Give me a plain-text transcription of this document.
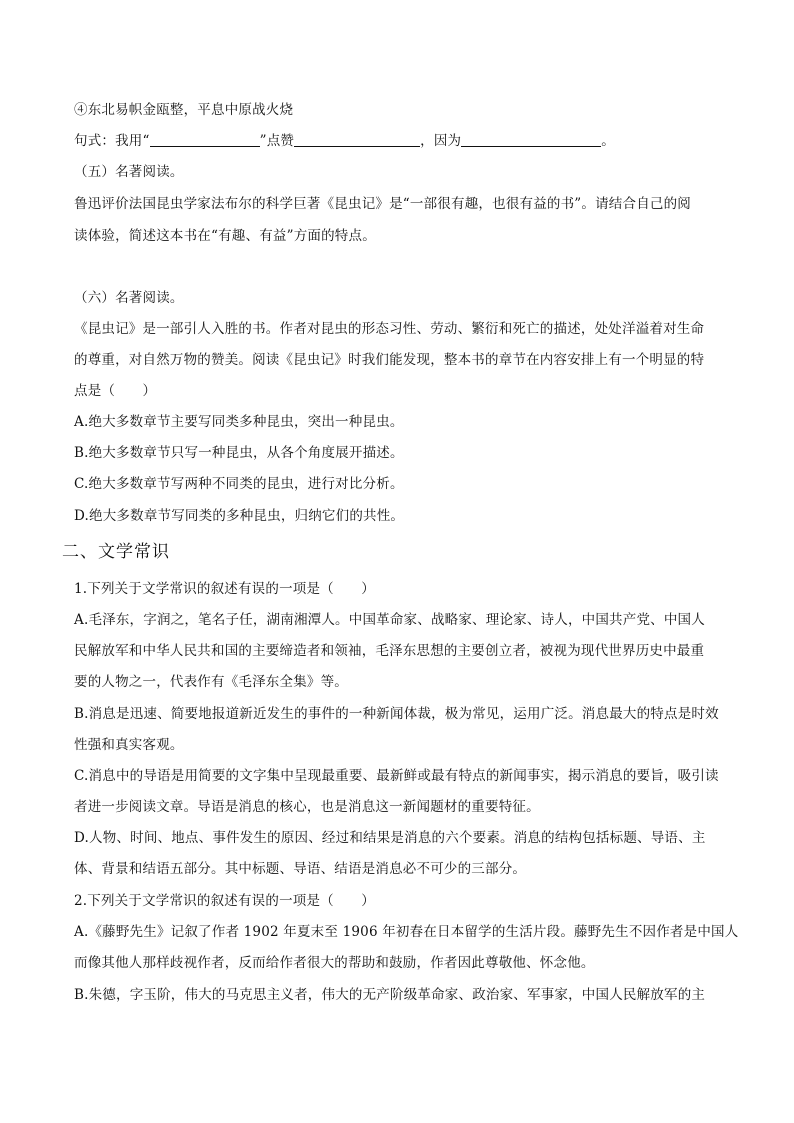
④东北易帜金瓯整，平息中原战火烧
句式：我用“	”点赞	，因为	。
（五）名著阅读。
鲁迅评价法国昆虫学家法布尔的科学巨著《昆虫记》是“一部很有趣，也很有益的书”。请结合自己的阅
读体验，简述这本书在“有趣、有益”方面的特点。
（六）名著阅读。
《昆虫记》是一部引人入胜的书。作者对昆虫的形态习性、劳动、繁衍和死亡的描述，处处洋溢着对生命
的尊重，对自然万物的赞美。阅读《昆虫记》时我们能发现，整本书的章节在内容安排上有一个明显的特
点是（　　）
A.绝大多数章节主要写同类多种昆虫，突出一种昆虫。
B.绝大多数章节只写一种昆虫，从各个角度展开描述。
C.绝大多数章节写两种不同类的昆虫，进行对比分析。
D.绝大多数章节写同类的多种昆虫，归纳它们的共性。
二、文学常识
1.下列关于文学常识的叙述有误的一项是（　　）
A.毛泽东，字润之，笔名子任，湖南湘潭人。中国革命家、战略家、理论家、诗人，中国共产党、中国人
民解放军和中华人民共和国的主要缔造者和领袖，毛泽东思想的主要创立者，被视为现代世界历史中最重
要的人物之一，代表作有《毛泽东全集》等。
B.消息是迅速、简要地报道新近发生的事件的一种新闻体裁，极为常见，运用广泛。消息最大的特点是时效
性强和真实客观。
C.消息中的导语是用简要的文字集中呈现最重要、最新鲜或最有特点的新闻事实，揭示消息的要旨，吸引读
者进一步阅读文章。导语是消息的核心，也是消息这一新闻题材的重要特征。
D.人物、时间、地点、事件发生的原因、经过和结果是消息的六个要素。消息的结构包括标题、导语、主
体、背景和结语五部分。其中标题、导语、结语是消息必不可少的三部分。
2.下列关于文学常识的叙述有误的一项是（　　）
A.《藤野先生》记叙了作者 1902 年夏末至 1906 年初春在日本留学的生活片段。藤野先生不因作者是中国人
而像其他人那样歧视作者，反而给作者很大的帮助和鼓励，作者因此尊敬他、怀念他。
B.朱德，字玉阶，伟大的马克思主义者，伟大的无产阶级革命家、政治家、军事家，中国人民解放军的主
